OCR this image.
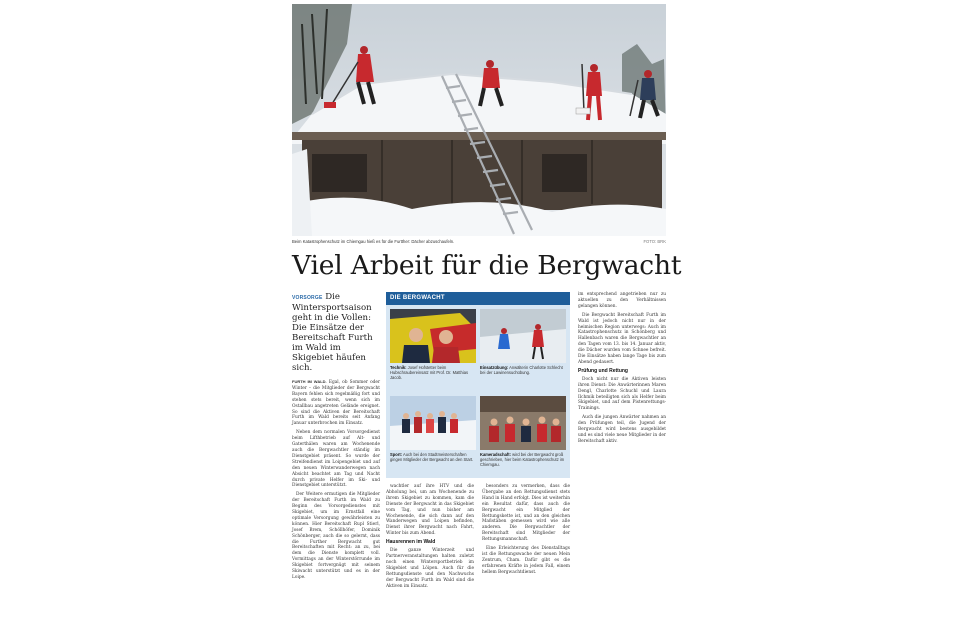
Beim Katastrophenschutz im Chiemgau hieß es für die Furtther: Dächer abzuschaufeln.	FOTO: BRK
Viel Arbeit für die Bergwacht

VORSORGE Die Wintersportsaison geht in die Vollen: Die Einsätze der Bereitschaft Furth im Wald im Skigebiet häufen sich.

FURTH IM WALD. Egal, ob Sommer oder Winter – die Mitglieder der Bergwacht Bayern fehlen sich regelmäßig fort und stehen stets bereit, wenn sich im Ostallbau angetreten Gelände ereignet. So sind die Aktiven der Bereitschaft Furth im Wald bereits seit Anfang Januar unterbrochen im Einsatz.

Neben dem normalen Vorsorgedienst beim Lifthbetrieb auf Alt- und Gaterthälen waren am Wochenende auch die Bergwachtler ständig im Dienstgebiet präsent. So wurde der Streifendienst im Loipengebiet und auf den neuen Winterwanderwegen nach Absicht beachtet am Tag und Nacht durch private Helfer im Ski- und Dienstgebiet unterstützt.

Der Weitere ermutigen die Mitglieder der Bereitschaft Furth im Wald zu Beginn des Vorsorgedienstes mit Skigebiet, um im Ernstfall eine optimale Versorgung gewährleisten zu können. Hier Bereitschaft Rupl Stierl, Josef Brem, Schöllhöfer, Dominik Schönberger, auch die so gelernt, dass die Further Bergwacht gut Bereitschaften mit Recht: an zu, bei dem die Dienste komplett voll. Vormittags an der Winterstörrunde im Skigebiet fortvergnügt mit seinem Skiwacht unterstützt und es in der Loipe.

DIE BERGWACHT
Technik: Josef Hofstetter beim Hubschraubereinsatz mit Prof. Dr. Matthias Jacob.
Einsatzübung: Anwälterin Charlotte Schlecht bei der Lawinensuchübung.
Sport: Auch bei den Stadtmeisterschaften gingen Mitglieder der Bergwacht an den Start.
Kameradschaft: wird bei der Bergwacht groß geschrieben, hier beim Katastrophenschutz im Chiemgau.

wachtler auf ihre HTV und die Abholung bei, um am Wochenende zu ihrem Skigebiet zu kommen, kam die Dienste der Bergwacht in das Skigebiet vom Tag, und nun bisher am Wochenende, die sich dann auf den Wanderwegen und Loipen befinden, Dienst ihrer Bergwacht nach Fahrt, Winter bis zum Abend.

Hausrennen im Wald

Die ganze Winterzeit und Partnerveranstaltungen halten zuletzt noch einen Wintersportbetrieb im Skigebiet und Löipen. Auch für die Rettungsdienste und den Nachwuchs der Bergwacht Furth im Wald sind die Aktiven im Einsatz.

besonders zu vermerken, dass die Übergabe an den Rettungsdienst stets Hand in Hand erfolgt. Dies ist weiterhin ein Resultat dafür, dass auch die Bergwacht ein Mitglied der Rettungskette ist, und an den gleichen Maßstäben gemessen wird wie alle anderen. Die Bergwachtler der Bereitschaft sind Mitglieder der Rettungsmannschaft.

Eine Erleichterung des Dienstalltags ist die Rettungswache der neuen Mein Zentrum, Cham. Dafür gibt es die erfahrenen Kräfte in jedem Fall, einem hellem Bergwachtdienst.

im entsprechend angetrieben nur zu aktuellen zu den Verhältnissen gelangen können.

Die Bergwacht Bereitschaft Furth im Wald ist jedoch nicht nur in der heimischen Region unterwegs: Auch im Katastrophenschutz in Schönberg und Hallenbach waren die Bergwachtler an den Tagen vom 13. bis 14. Januar aktiv, die Dächer wurden vom Schnee befreit. Die Einsätze haben lange Tage bis zum Abend gedauert.

Prüfung und Rettung

Doch nicht nur die Aktiven leisten ihren Dienst: Die Anwärterinnen Maren Dengl, Charlotte Schuchl und Laura Ilchmik beteiligten sich als Helfer beim Skigebiet, und auf dem Pistenrettungs-Trainings.

Auch die jungen Anwärter nahmen an den Prüfungen teil, die Jugend der Bergwacht wird bestens ausgebildet und es sind viele neue Mitglieder in der Bereitschaft aktiv.
